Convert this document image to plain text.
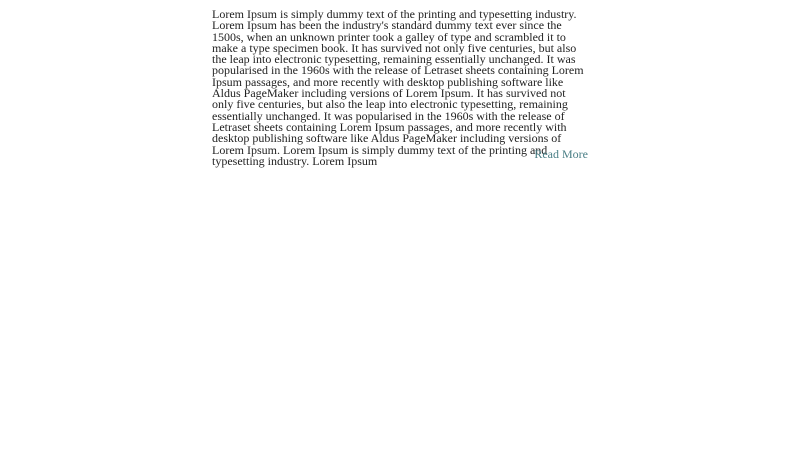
Lorem Ipsum is simply dummy text of the printing and typesetting industry. Lorem Ipsum has been the industry's standard dummy text ever since the 1500s, when an unknown printer took a galley of type and scrambled it to make a type specimen book. It has survived not only five centuries, but also the leap into electronic typesetting, remaining essentially unchanged. It was popularised in the 1960s with the release of Letraset sheets containing Lorem Ipsum passages, and more recently with desktop publishing software like Aldus PageMaker including versions of Lorem Ipsum. It has survived not only five centuries, but also the leap into electronic typesetting, remaining essentially unchanged. It was popularised in the 1960s with the release of Letraset sheets containing Lorem Ipsum passages, and more recently with desktop publishing software like Aldus PageMaker including versions of Lorem Ipsum. Lorem Ipsum is simply dummy text of the printing and typesetting industry. Lorem Ipsum	Read More
